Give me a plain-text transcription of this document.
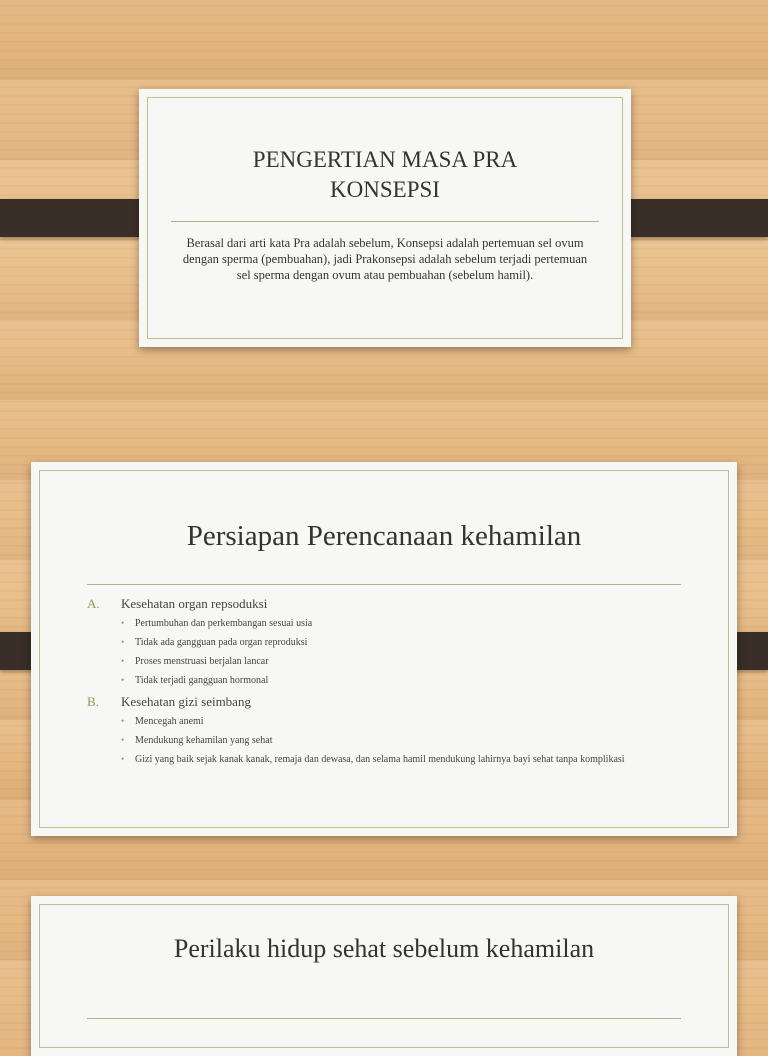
PENGERTIAN MASA PRA KONSEPSI
Berasal dari arti kata Pra adalah sebelum, Konsepsi adalah pertemuan sel ovum dengan sperma (pembuahan), jadi Prakonsepsi adalah sebelum terjadi pertemuan sel sperma dengan ovum atau pembuahan (sebelum hamil).
Persiapan Perencanaan kehamilan
A.	Kesehatan organ repsoduksi
•	Pertumbuhan dan perkembangan sesuai usia
•	Tidak ada gangguan pada organ reproduksi
•	Proses menstruasi berjalan lancar
•	Tidak terjadi gangguan hormonal
B.	Kesehatan gizi seimbang
•	Mencegah anemi
•	Mendukung kehamilan yang sehat
•	Gizi yang baik sejak kanak kanak, remaja dan dewasa, dan selama hamil mendukung lahirnya bayi sehat tanpa komplikasi
Perilaku hidup sehat sebelum kehamilan
